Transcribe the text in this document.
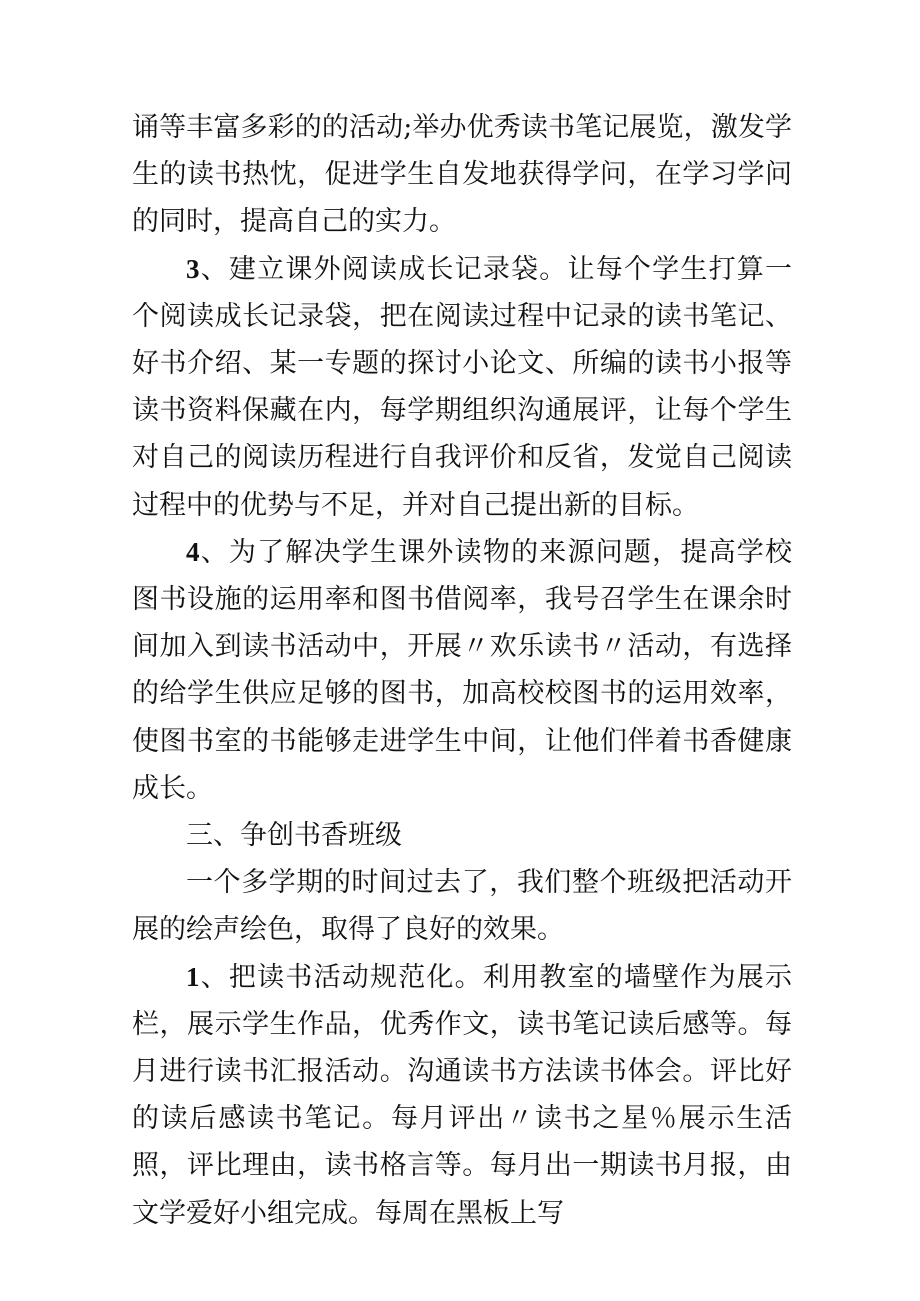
诵等丰富多彩的的活动;举办优秀读书笔记展览，激发学生的读书热忱，促进学生自发地获得学问，在学习学问的同时，提高自己的实力。

3、建立课外阅读成长记录袋。让每个学生打算一个阅读成长记录袋，把在阅读过程中记录的读书笔记、好书介绍、某一专题的探讨小论文、所编的读书小报等读书资料保藏在内，每学期组织沟通展评，让每个学生对自己的阅读历程进行自我评价和反省，发觉自己阅读过程中的优势与不足，并对自己提出新的目标。

4、为了解决学生课外读物的来源问题，提高学校图书设施的运用率和图书借阅率，我号召学生在课余时间加入到读书活动中，开展〃欢乐读书〃活动，有选择的给学生供应足够的图书，加高校校图书的运用效率，使图书室的书能够走进学生中间，让他们伴着书香健康成长。

三、争创书香班级

一个多学期的时间过去了，我们整个班级把活动开展的绘声绘色，取得了良好的效果。

1、把读书活动规范化。利用教室的墙壁作为展示栏，展示学生作品，优秀作文，读书笔记读后感等。每月进行读书汇报活动。沟通读书方法读书体会。评比好的读后感读书笔记。每月评出〃读书之星％展示生活照，评比理由，读书格言等。每月出一期读书月报，由文学爱好小组完成。每周在黑板上写
